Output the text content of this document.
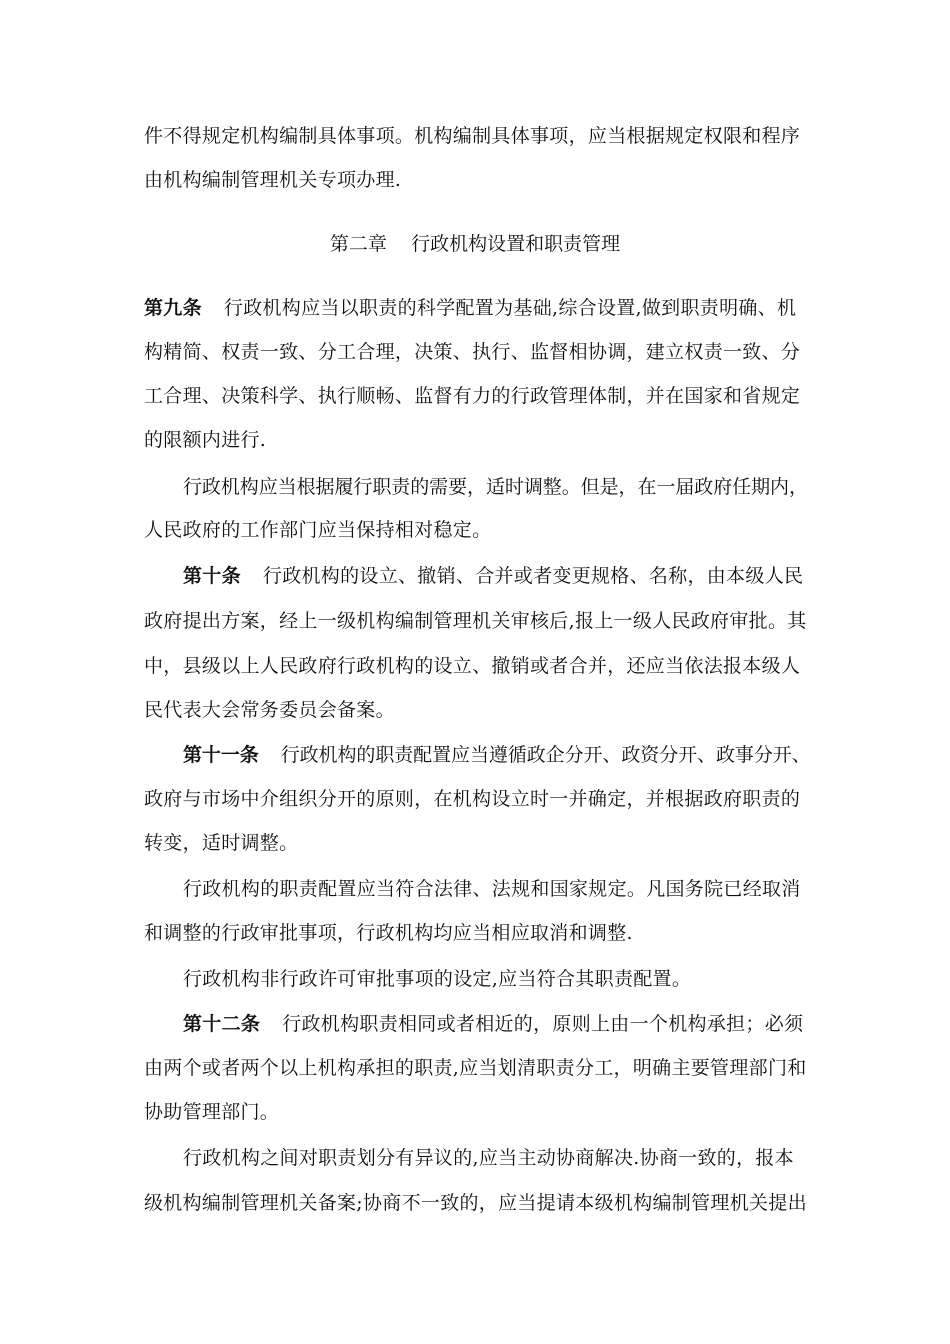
件不得规定机构编制具体事项。机构编制具体事项，应当根据规定权限和程序
由机构编制管理机关专项办理.
第二章    行政机构设置和职责管理
第九条 行政机构应当以职责的科学配置为基础,综合设置,做到职责明确、机
构精简、权责一致、分工合理，决策、执行、监督相协调，建立权责一致、分
工合理、决策科学、执行顺畅、监督有力的行政管理体制，并在国家和省规定
的限额内进行.
行政机构应当根据履行职责的需要，适时调整。但是，在一届政府任期内，
人民政府的工作部门应当保持相对稳定。
第十条 行政机构的设立、撤销、合并或者变更规格、名称，由本级人民
政府提出方案，经上一级机构编制管理机关审核后,报上一级人民政府审批。其
中，县级以上人民政府行政机构的设立、撤销或者合并，还应当依法报本级人
民代表大会常务委员会备案。
第十一条 行政机构的职责配置应当遵循政企分开、政资分开、政事分开、
政府与市场中介组织分开的原则，在机构设立时一并确定，并根据政府职责的
转变，适时调整。
行政机构的职责配置应当符合法律、法规和国家规定。凡国务院已经取消
和调整的行政审批事项，行政机构均应当相应取消和调整.
行政机构非行政许可审批事项的设定,应当符合其职责配置。
第十二条 行政机构职责相同或者相近的，原则上由一个机构承担；必须
由两个或者两个以上机构承担的职责,应当划清职责分工，明确主要管理部门和
协助管理部门。
行政机构之间对职责划分有异议的,应当主动协商解决.协商一致的，报本
级机构编制管理机关备案;协商不一致的，应当提请本级机构编制管理机关提出
